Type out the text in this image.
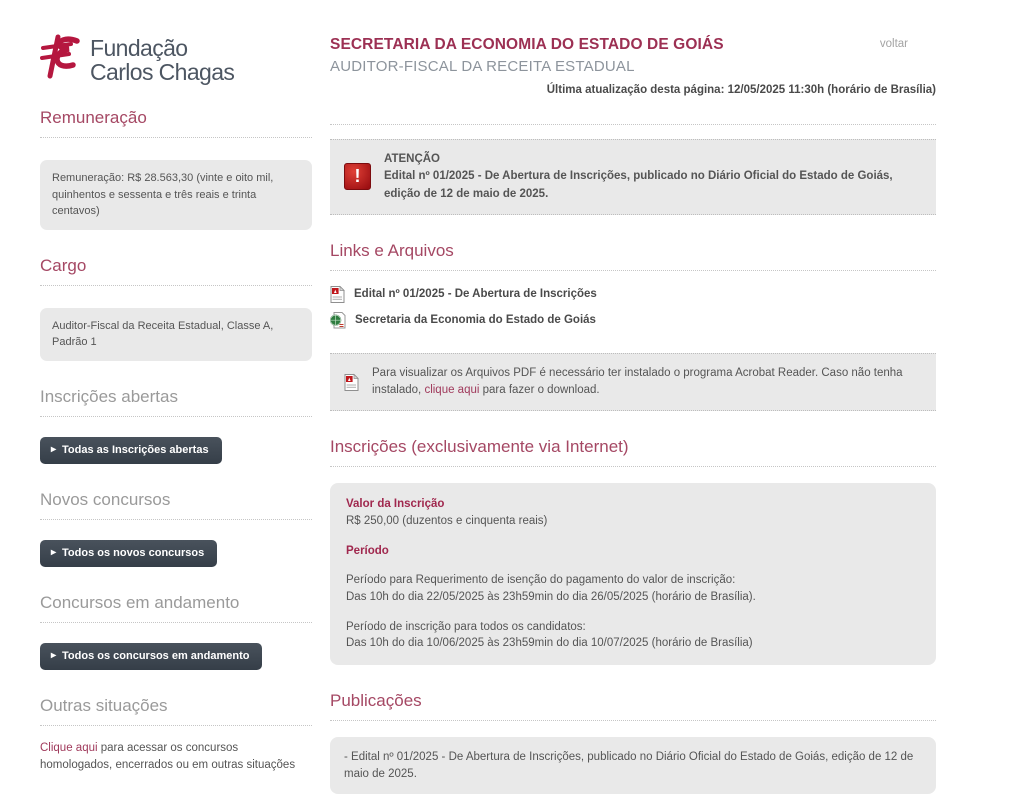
Fundação
Carlos Chagas
Remuneração
Remuneração: R$ 28.563,30 (vinte e oito mil, quinhentos e sessenta e três reais e trinta centavos)
Cargo
Auditor-Fiscal da Receita Estadual, Classe A, Padrão 1
Inscrições abertas
▸ Todas as Inscrições abertas
Novos concursos
▸ Todos os novos concursos
Concursos em andamento
▸ Todos os concursos em andamento
Outras situações
Clique aqui para acessar os concursos homologados, encerrados ou em outras situações
voltar
SECRETARIA DA ECONOMIA DO ESTADO DE GOIÁS
AUDITOR-FISCAL DA RECEITA ESTADUAL
Última atualização desta página: 12/05/2025 11:30h (horário de Brasília)
!
ATENÇÃO
Edital nº 01/2025 - De Abertura de Inscrições, publicado no Diário Oficial do Estado de Goiás, edição de 12 de maio de 2025.
Links e Arquivos
Edital nº 01/2025 - De Abertura de Inscrições
Secretaria da Economia do Estado de Goiás
Para visualizar os Arquivos PDF é necessário ter instalado o programa Acrobat Reader. Caso não tenha instalado, clique aqui para fazer o download.
Inscrições (exclusivamente via Internet)
Valor da Inscrição
R$ 250,00 (duzentos e cinquenta reais)
Período
Período para Requerimento de isenção do pagamento do valor de inscrição:
Das 10h do dia 22/05/2025 às 23h59min do dia 26/05/2025 (horário de Brasília).
Período de inscrição para todos os candidatos:
Das 10h do dia 10/06/2025 às 23h59min do dia 10/07/2025 (horário de Brasília)
Publicações
- Edital nº 01/2025 - De Abertura de Inscrições, publicado no Diário Oficial do Estado de Goiás, edição de 12 de maio de 2025.
